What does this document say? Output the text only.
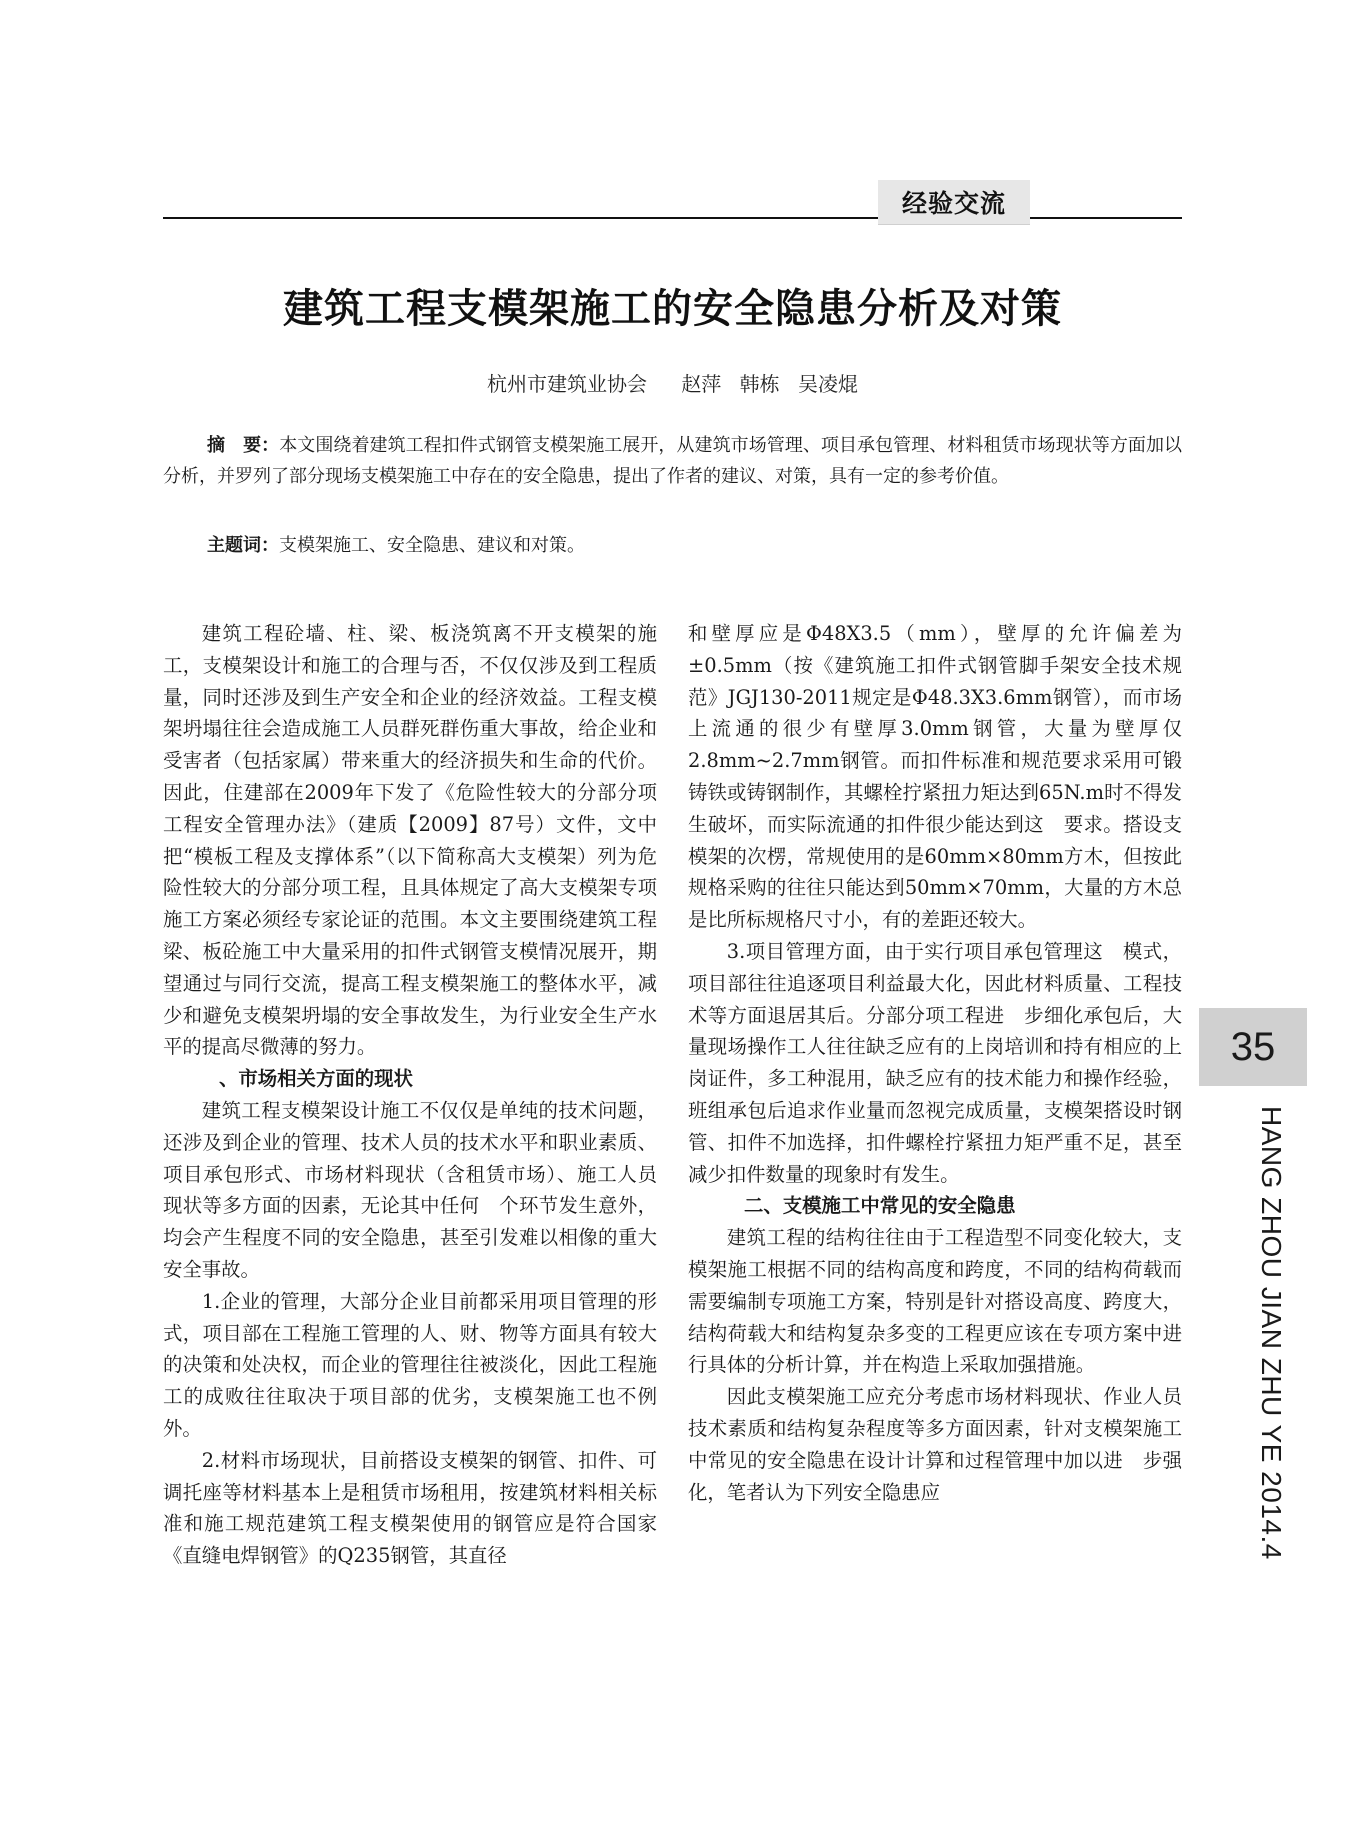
经验交流
建筑工程支模架施工的安全隐患分析及对策
杭州市建筑业协会 赵萍 韩栋 吴凌焜
摘　要：本文围绕着建筑工程扣件式钢管支模架施工展开，从建筑市场管理、项目承包管理、材料租赁市场现状等方面加以分析，并罗列了部分现场支模架施工中存在的安全隐患，提出了作者的建议、对策，具有一定的参考价值。
主题词：支模架施工、安全隐患、建议和对策。

建筑工程砼墙、柱、梁、板浇筑离不开支模架的施工，支模架设计和施工的合理与否，不仅仅涉及到工程质量，同时还涉及到生产安全和企业的经济效益。工程支模架坍塌往往会造成施工人员群死群伤重大事故，给企业和受害者（包括家属）带来重大的经济损失和生命的代价。因此，住建部在2009年下发了《危险性较大的分部分项工程安全管理办法》（建质【2009】87号）文件，文中把“模板工程及支撑体系”（以下简称高大支模架）列为危险性较大的分部分项工程，且具体规定了高大支模架专项施工方案必须经专家论证的范围。本文主要围绕建筑工程梁、板砼施工中大量采用的扣件式钢管支模情况展开，期望通过与同行交流，提高工程支模架施工的整体水平，减少和避免支模架坍塌的安全事故发生，为行业安全生产水平的提高尽微薄的努力。

、市场相关方面的现状

建筑工程支模架设计施工不仅仅是单纯的技术问题，还涉及到企业的管理、技术人员的技术水平和职业素质、项目承包形式、市场材料现状（含租赁市场）、施工人员现状等多方面的因素，无论其中任何　个环节发生意外，均会产生程度不同的安全隐患，甚至引发难以相像的重大安全事故。

1.企业的管理，大部分企业目前都采用项目管理的形式，项目部在工程施工管理的人、财、物等方面具有较大的决策和处决权，而企业的管理往往被淡化，因此工程施工的成败往往取决于项目部的优劣，支模架施工也不例外。

2.材料市场现状，目前搭设支模架的钢管、扣件、可调托座等材料基本上是租赁市场租用，按建筑材料相关标准和施工规范建筑工程支模架使用的钢管应是符合国家《直缝电焊钢管》的Q235钢管，其直径

和壁厚应是Φ48X3.5（mm），壁厚的允许偏差为±0.5mm（按《建筑施工扣件式钢管脚手架安全技术规范》JGJ130-2011规定是Φ48.3X3.6mm钢管），而市场上流通的很少有壁厚3.0mm钢管，大量为壁厚仅2.8mm~2.7mm钢管。而扣件标准和规范要求采用可锻铸铁或铸钢制作，其螺栓拧紧扭力矩达到65N.m时不得发生破坏，而实际流通的扣件很少能达到这　要求。搭设支模架的次楞，常规使用的是60mm×80mm方木，但按此规格采购的往往只能达到50mm×70mm，大量的方木总是比所标规格尺寸小，有的差距还较大。

3.项目管理方面，由于实行项目承包管理这　模式，项目部往往追逐项目利益最大化，因此材料质量、工程技术等方面退居其后。分部分项工程进　步细化承包后，大量现场操作工人往往缺乏应有的上岗培训和持有相应的上岗证件，多工种混用，缺乏应有的技术能力和操作经验，班组承包后追求作业量而忽视完成质量，支模架搭设时钢管、扣件不加选择，扣件螺栓拧紧扭力矩严重不足，甚至减少扣件数量的现象时有发生。

二、支模施工中常见的安全隐患

建筑工程的结构往往由于工程造型不同变化较大，支模架施工根据不同的结构高度和跨度，不同的结构荷载而需要编制专项施工方案，特别是针对搭设高度、跨度大，结构荷载大和结构复杂多变的工程更应该在专项方案中进行具体的分析计算，并在构造上采取加强措施。

因此支模架施工应充分考虑市场材料现状、作业人员技术素质和结构复杂程度等多方面因素，针对支模架施工中常见的安全隐患在设计计算和过程管理中加以进　步强化，笔者认为下列安全隐患应

35
HANG ZHOU JIAN ZHU YE 2014.4
